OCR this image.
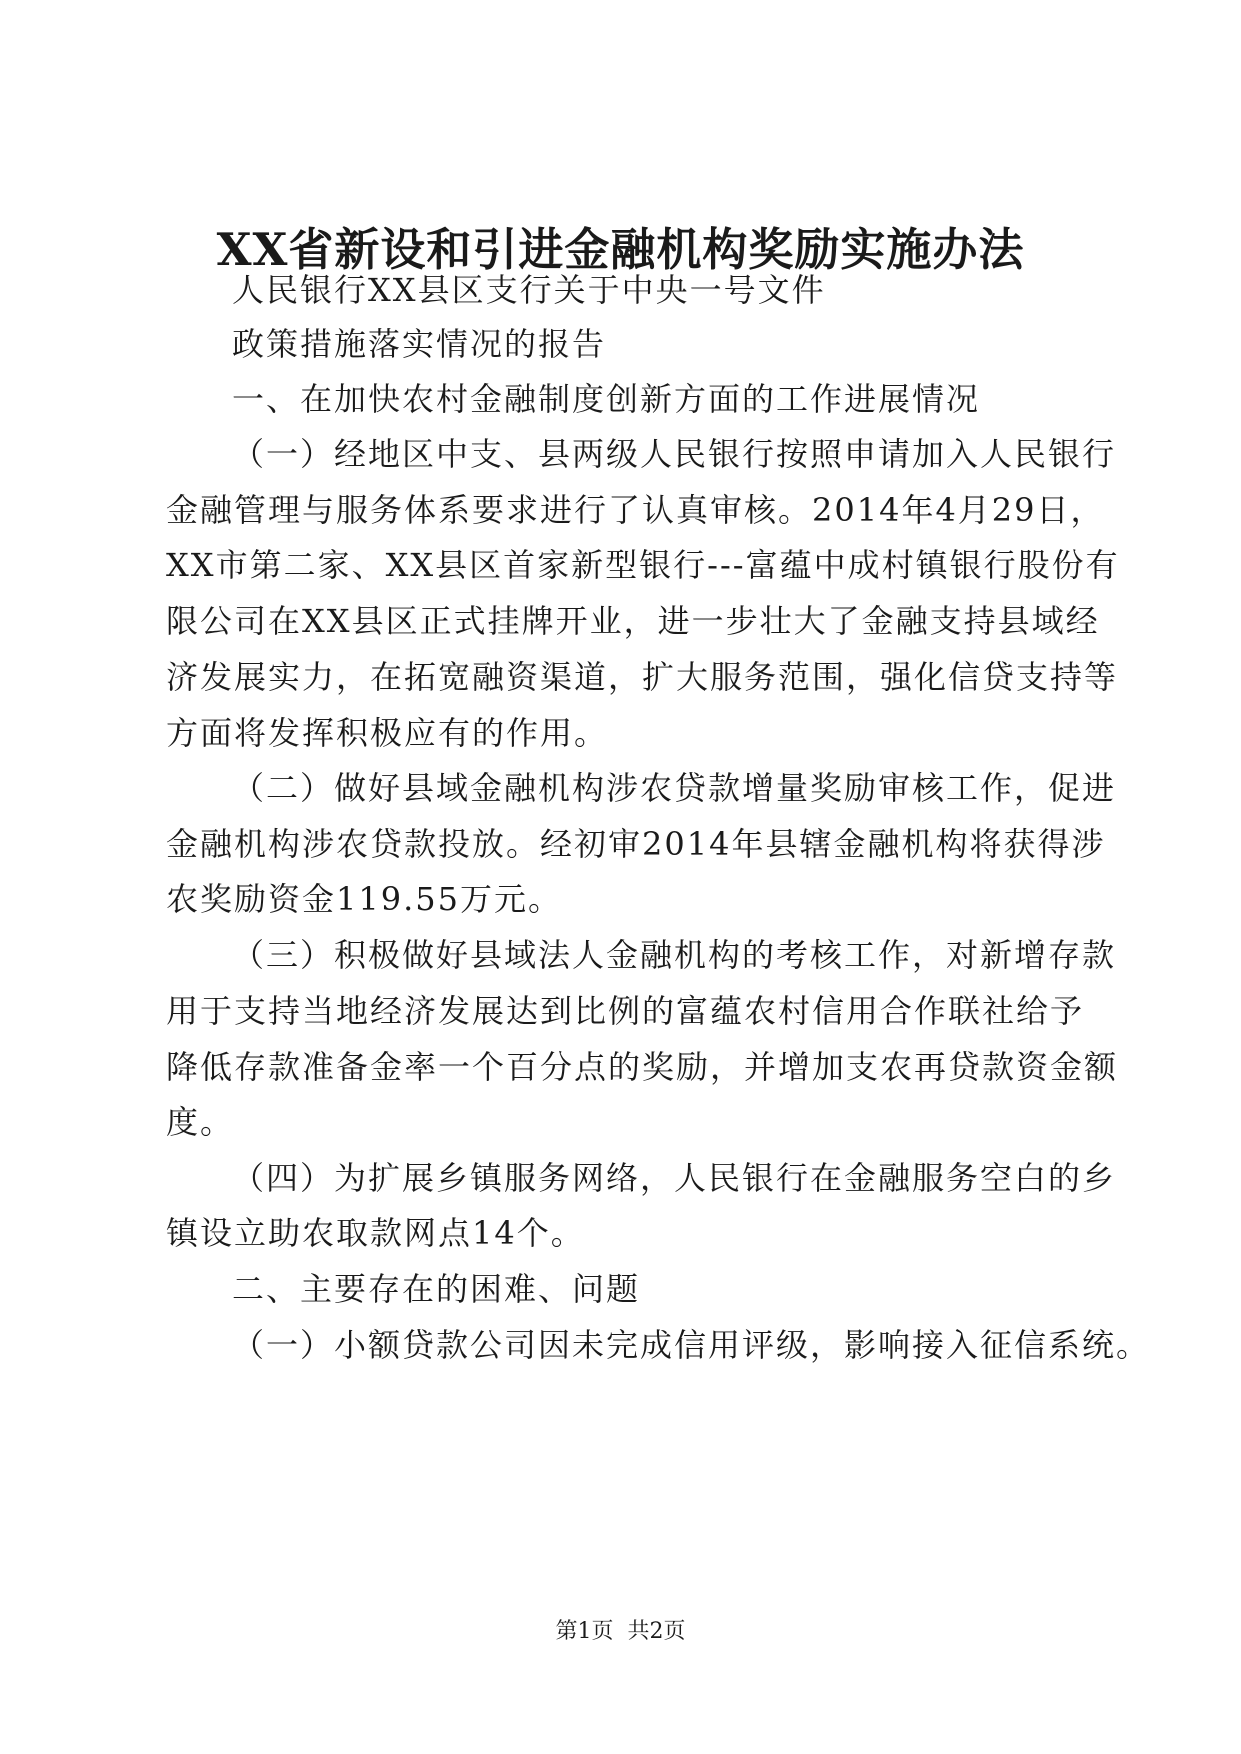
XX省新设和引进金融机构奖励实施办法
人民银行XX县区支行关于中央一号文件
政策措施落实情况的报告
一、在加快农村金融制度创新方面的工作进展情况
（一）经地区中支、县两级人民银行按照申请加入人民银行
金融管理与服务体系要求进行了认真审核。2014年4月29日，
XX市第二家、XX县区首家新型银行---富蕴中成村镇银行股份有
限公司在XX县区正式挂牌开业，进一步壮大了金融支持县域经
济发展实力，在拓宽融资渠道，扩大服务范围，强化信贷支持等
方面将发挥积极应有的作用。
（二）做好县域金融机构涉农贷款增量奖励审核工作，促进
金融机构涉农贷款投放。经初审2014年县辖金融机构将获得涉
农奖励资金119.55万元。
（三）积极做好县域法人金融机构的考核工作，对新增存款
用于支持当地经济发展达到比例的富蕴农村信用合作联社给予
降低存款准备金率一个百分点的奖励，并增加支农再贷款资金额
度。
（四）为扩展乡镇服务网络，人民银行在金融服务空白的乡
镇设立助农取款网点14个。
二、主要存在的困难、问题
（一）小额贷款公司因未完成信用评级，影响接入征信系统。
第1页 共2页
